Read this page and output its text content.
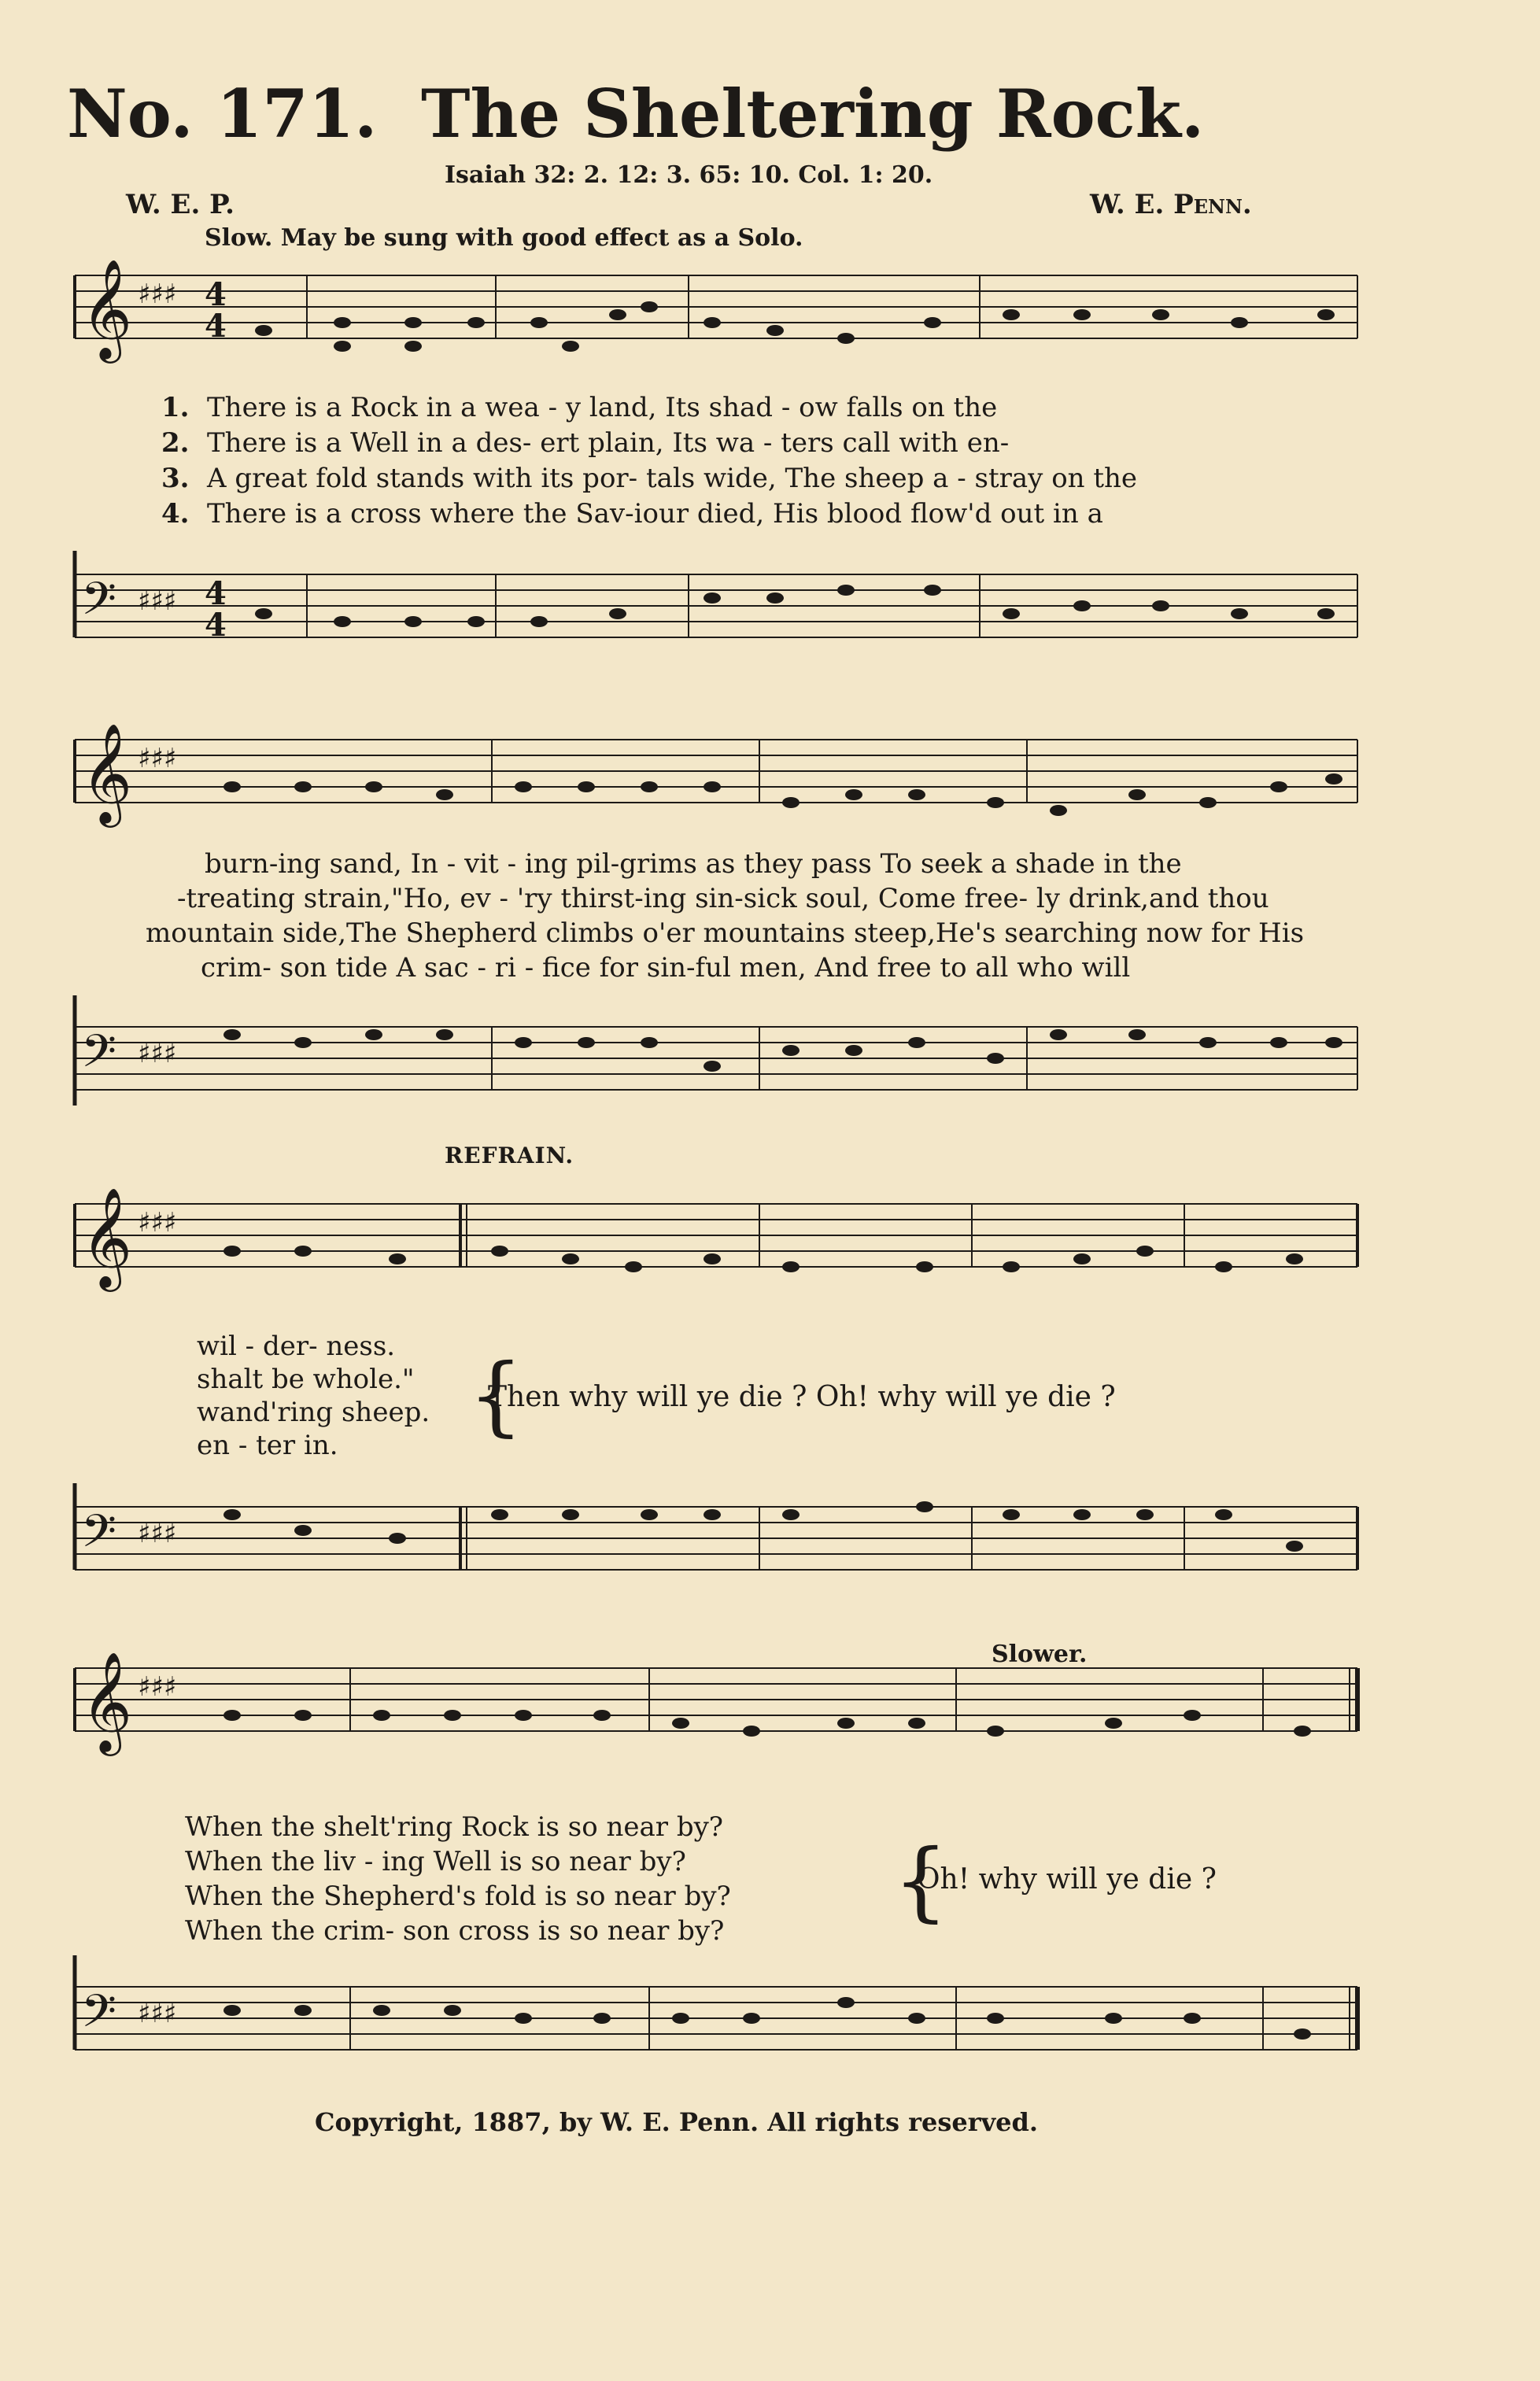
No. 171. The Sheltering Rock.
Isaiah 32: 2. 12: 3. 65: 10. Col. 1: 20.
W. E. P.	W. E. Penn.
Slow. May be sung with good effect as a Solo.
𝄞 ♯♯♯ 4
4
1. There is a Rock in a wea - y land, Its shad - ow falls on the
2. There is a Well in a des- ert plain, Its wa - ters call with en-
3. A great fold stands with its por- tals wide, The sheep a - stray on the
4. There is a cross where the Sav-iour died, His blood flow'd out in a
𝄢 ♯♯♯ 4
4
𝄞 ♯♯♯
burn-ing sand, In - vit - ing pil-grims as they pass To seek a shade in the
-treating strain,"Ho, ev - 'ry thirst-ing sin-sick soul, Come free- ly drink,and thou
mountain side,The Shepherd climbs o'er mountains steep,He's searching now for His
crim- son tide A sac - ri - fice for sin-ful men, And free to all who will
𝄢 ♯♯♯
REFRAIN.
𝄞 ♯♯♯
wil - der- ness.
shalt be whole."
wand'ring sheep.
en - ter in.	{
Then why will ye die ? Oh! why will ye die ?
𝄢 ♯♯♯
Slower.
𝄞 ♯♯♯
When the shelt'ring Rock is so near by?
When the liv - ing Well is so near by?
When the Shepherd's fold is so near by?
When the crim- son cross is so near by? {
Oh! why will ye die ?
𝄢 ♯♯♯
Copyright, 1887, by W. E. Penn. All rights reserved.
